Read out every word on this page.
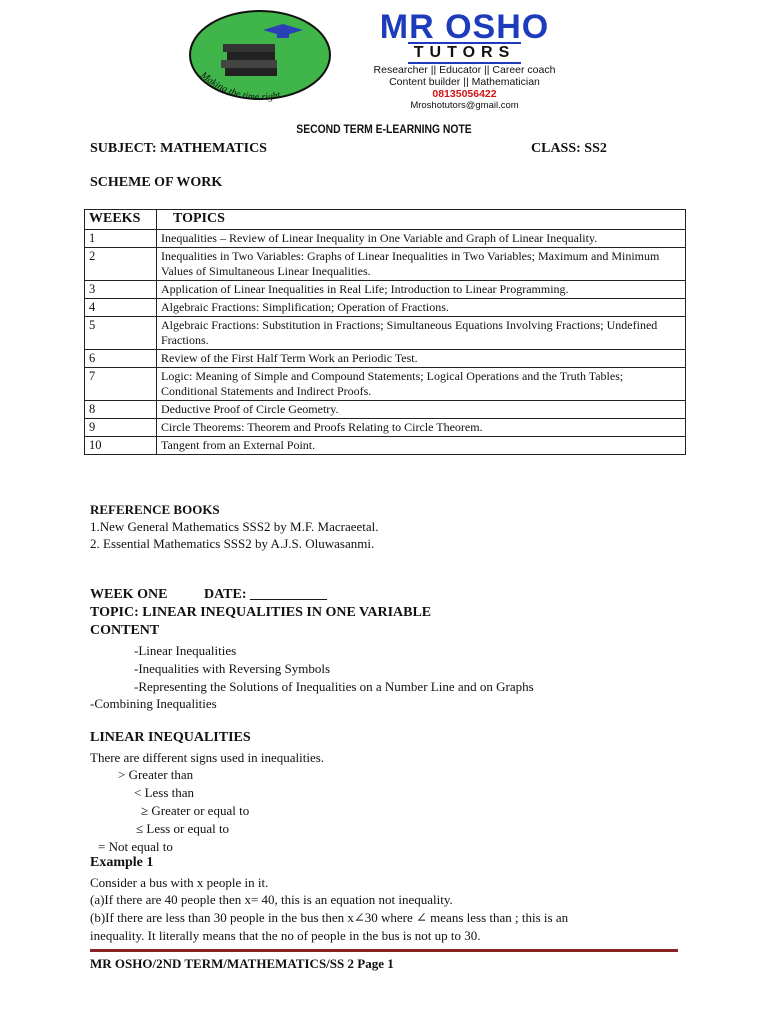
Making the time right
MR OSHO
TUTORS
Researcher || Educator || Career coach
Content builder || Mathematician
08135056422
Mroshotutors@gmail.com
SECOND TERM E-LEARNING NOTE
SUBJECT: MATHEMATICS	CLASS: SS2
SCHEME OF WORK
WEEKS	TOPICS
1	Inequalities – Review of Linear Inequality in One Variable and Graph of Linear Inequality.
2	Inequalities in Two Variables: Graphs of Linear Inequalities in Two Variables; Maximum and Minimum Values of Simultaneous Linear Inequalities.
3	Application of Linear Inequalities in Real Life; Introduction to Linear Programming.
4	Algebraic Fractions: Simplification; Operation of Fractions.
5	Algebraic Fractions: Substitution in Fractions; Simultaneous Equations Involving Fractions; Undefined Fractions.
6	Review of the First Half Term Work an Periodic Test.
7	Logic: Meaning of Simple and Compound Statements; Logical Operations and the Truth Tables; Conditional Statements and Indirect Proofs.
8	Deductive Proof of Circle Geometry.
9	Circle Theorems: Theorem and Proofs Relating to Circle Theorem.
10	Tangent from an External Point.
REFERENCE BOOKS
1.New General Mathematics SSS2 by M.F. Macraeetal.
2. Essential Mathematics SSS2 by A.J.S. Oluwasanmi.
WEEK ONE	DATE: ___________
TOPIC: LINEAR INEQUALITIES IN ONE VARIABLE
CONTENT
-Linear Inequalities
-Inequalities with Reversing Symbols
-Representing the Solutions of Inequalities on a Number Line and on Graphs
-Combining Inequalities
LINEAR INEQUALITIES
There are different signs used in inequalities.
> Greater than
< Less than
≥ Greater or equal to
≤ Less or equal to
= Not equal to
Example 1
Consider a bus with x people in it.
(a)If there are 40 people then x= 40, this is an equation not inequality.
(b)If there are less than 30 people in the bus then x∠30 where ∠ means less than ; this is an
inequality. It literally means that the no of people in the bus is not up to 30.
MR OSHO/2ND TERM/MATHEMATICS/SS 2 Page 1
